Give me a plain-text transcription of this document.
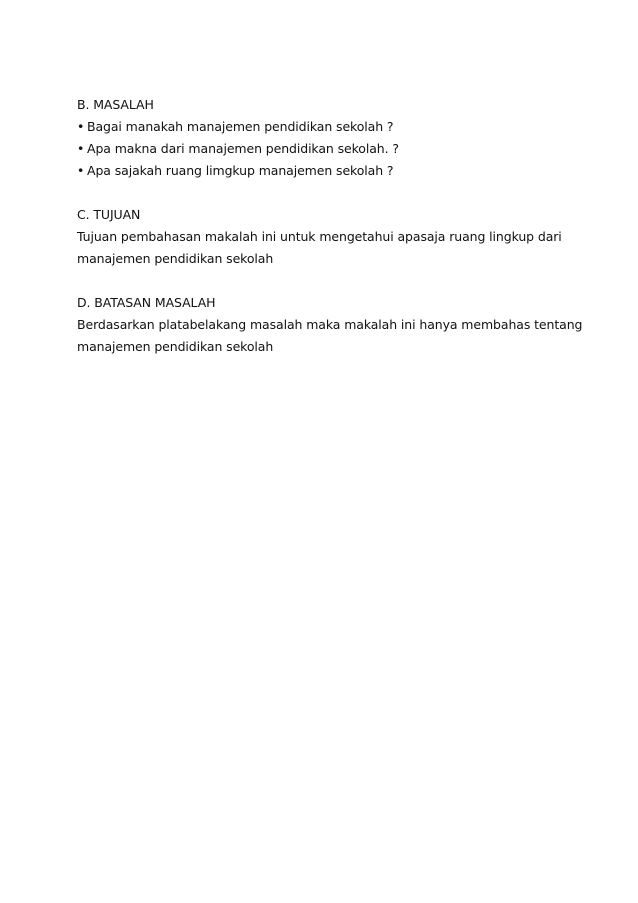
B. MASALAH
• Bagai manakah manajemen pendidikan sekolah ?
• Apa makna dari manajemen pendidikan sekolah. ?
• Apa sajakah ruang limgkup manajemen sekolah ?
C. TUJUAN
Tujuan pembahasan makalah ini untuk mengetahui apasaja ruang lingkup dari
manajemen pendidikan sekolah
D. BATASAN MASALAH
Berdasarkan platabelakang masalah maka makalah ini hanya membahas tentang
manajemen pendidikan sekolah
